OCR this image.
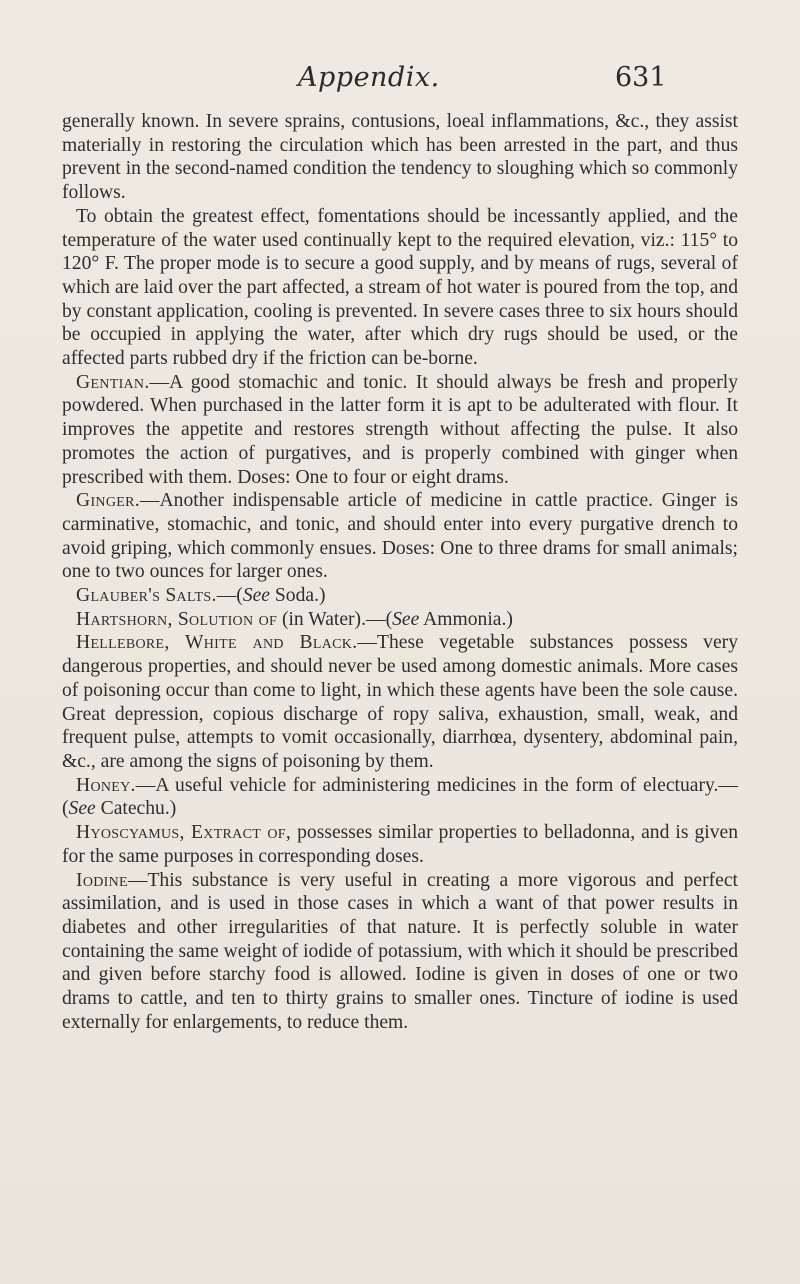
Appendix.	631

generally known. In severe sprains, contusions, loeal inflammations, &c., they assist materially in restoring the circulation which has been arrested in the part, and thus prevent in the second-named condition the tendency to sloughing which so commonly follows.

To obtain the greatest effect, fomentations should be incessantly applied, and the temperature of the water used continually kept to the required elevation, viz.: 115° to 120° F. The proper mode is to secure a good supply, and by means of rugs, several of which are laid over the part affected, a stream of hot water is poured from the top, and by constant application, cooling is prevented. In severe cases three to six hours should be occupied in applying the water, after which dry rugs should be used, or the affected parts rubbed dry if the friction can be-borne.

Gentian.—A good stomachic and tonic. It should always be fresh and properly powdered. When purchased in the latter form it is apt to be adulterated with flour. It improves the appetite and restores strength without affecting the pulse. It also promotes the action of purgatives, and is properly combined with ginger when prescribed with them. Doses: One to four or eight drams.

Ginger.—Another indispensable article of medicine in cattle practice. Ginger is carminative, stomachic, and tonic, and should enter into every purgative drench to avoid griping, which commonly ensues. Doses: One to three drams for small animals; one to two ounces for larger ones.

Glauber's Salts.—(See Soda.)

Hartshorn, Solution of (in Water).—(See Ammonia.)

Hellebore, White and Black.—These vegetable substances possess very dangerous properties, and should never be used among domestic animals. More cases of poisoning occur than come to light, in which these agents have been the sole cause. Great depression, copious discharge of ropy saliva, exhaustion, small, weak, and frequent pulse, attempts to vomit occasionally, diarrhœa, dysentery, abdominal pain, &c., are among the signs of poisoning by them.

Honey.—A useful vehicle for administering medicines in the form of electuary.—(See Catechu.)

Hyoscyamus, Extract of, possesses similar properties to belladonna, and is given for the same purposes in corresponding doses.

Iodine—This substance is very useful in creating a more vigorous and perfect assimilation, and is used in those cases in which a want of that power results in diabetes and other irregularities of that nature. It is perfectly soluble in water containing the same weight of iodide of potassium, with which it should be prescribed and given before starchy food is allowed. Iodine is given in doses of one or two drams to cattle, and ten to thirty grains to smaller ones. Tincture of iodine is used externally for enlargements, to reduce them.
